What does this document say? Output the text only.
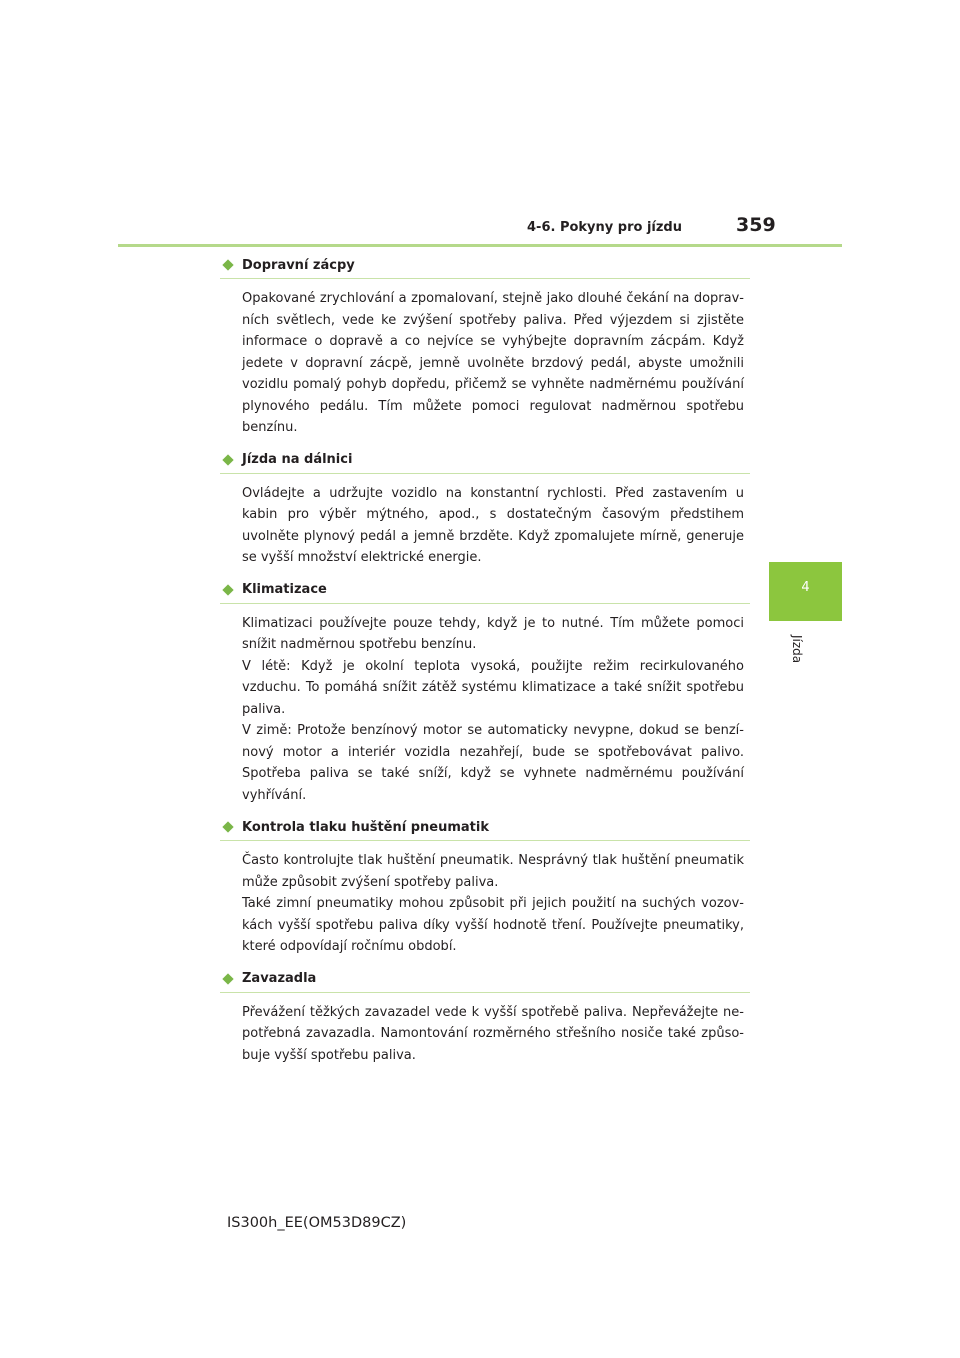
4-6. Pokyny pro jízdu	359
4
Jízda
Dopravní zácpy

Opakované zrychlování a zpomalovaní, stejně jako dlouhé čekání na dopravních světlech, vede ke zvýšení spotřeby paliva. Před výjezdem si zjistěte informace o dopravě a co nejvíce se vyhýbejte dopravním zácpám. Když jedete v dopravní zácpě, jemně uvolněte brzdový pedál, abyste umožnili vozidlu pomalý pohyb dopředu, přičemž se vyhněte nadměrnému používání plynového pedálu. Tím můžete pomoci regulovat nadměrnou spotřebu benzínu.

Jízda na dálnici

Ovládejte a udržujte vozidlo na konstantní rychlosti. Před zastavením u kabin pro výběr mýtného, apod., s dostatečným časovým předstihem uvolněte plynový pedál a jemně brzděte. Když zpomalujete mírně, generuje se vyšší množství elektrické energie.

Klimatizace

Klimatizaci používejte pouze tehdy, když je to nutné. Tím můžete pomoci snížit nadměrnou spotřebu benzínu.

V létě: Když je okolní teplota vysoká, použijte režim recirkulovaného vzduchu. To pomáhá snížit zátěž systému klimatizace a také snížit spotřebu paliva.

V zimě: Protože benzínový motor se automaticky nevypne, dokud se benzínový motor a interiér vozidla nezahřejí, bude se spotřebovávat palivo. Spotřeba paliva se také sníží, když se vyhnete nadměrnému používání vyhřívání.

Kontrola tlaku huštění pneumatik

Často kontrolujte tlak huštění pneumatik. Nesprávný tlak huštění pneumatik může způsobit zvýšení spotřeby paliva.

Také zimní pneumatiky mohou způsobit při jejich použití na suchých vozovkách vyšší spotřebu paliva díky vyšší hodnotě tření. Používejte pneumatiky, které odpovídají ročnímu období.

Zavazadla

Převážení těžkých zavazadel vede k vyšší spotřebě paliva. Nepřevážejte nepotřebná zavazadla. Namontování rozměrného střešního nosiče také způsobuje vyšší spotřebu paliva.

IS300h_EE(OM53D89CZ)
